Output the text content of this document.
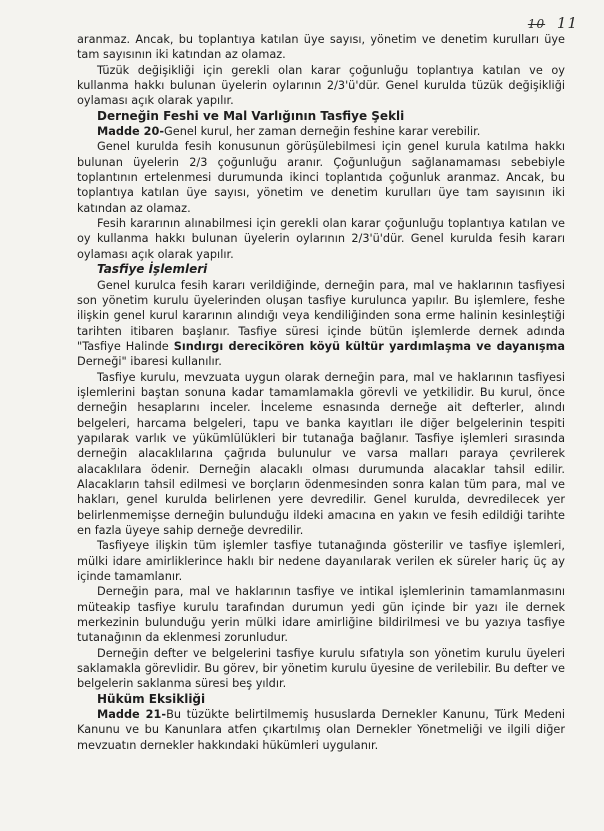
10 11

aranmaz. Ancak, bu toplantıya katılan üye sayısı, yönetim ve denetim kurulları üye tam sayısının iki katından az olamaz.

Tüzük değişikliği için gerekli olan karar çoğunluğu toplantıya katılan ve oy kullanma hakkı bulunan üyelerin oylarının 2/3'ü'dür. Genel kurulda tüzük değişikliği oylaması açık olarak yapılır.

Derneğin Feshi ve Mal Varlığının Tasfiye Şekli

Madde 20-Genel kurul, her zaman derneğin feshine karar verebilir.

Genel kurulda fesih konusunun görüşülebilmesi için genel kurula katılma hakkı bulunan üyelerin 2/3 çoğunluğu aranır. Çoğunluğun sağlanamaması sebebiyle toplantının ertelenmesi durumunda ikinci toplantıda çoğunluk aranmaz. Ancak, bu toplantıya katılan üye sayısı, yönetim ve denetim kurulları üye tam sayısının iki katından az olamaz.

Fesih kararının alınabilmesi için gerekli olan karar çoğunluğu toplantıya katılan ve oy kullanma hakkı bulunan üyelerin oylarının 2/3'ü'dür. Genel kurulda fesih kararı oylaması açık olarak yapılır.

Tasfiye İşlemleri

Genel kurulca fesih kararı verildiğinde, derneğin para, mal ve haklarının tasfiyesi son yönetim kurulu üyelerinden oluşan tasfiye kurulunca yapılır. Bu işlemlere, feshe ilişkin genel kurul kararının alındığı veya kendiliğinden sona erme halinin kesinleştiği tarihten itibaren başlanır. Tasfiye süresi içinde bütün işlemlerde dernek adında "Tasfiye Halinde Sındırgı derecikören köyü kültür yardımlaşma ve dayanışma Derneği" ibaresi kullanılır.

Tasfiye kurulu, mevzuata uygun olarak derneğin para, mal ve haklarının tasfiyesi işlemlerini baştan sonuna kadar tamamlamakla görevli ve yetkilidir. Bu kurul, önce derneğin hesaplarını inceler. İnceleme esnasında derneğe ait defterler, alındı belgeleri, harcama belgeleri, tapu ve banka kayıtları ile diğer belgelerinin tespiti yapılarak varlık ve yükümlülükleri bir tutanağa bağlanır. Tasfiye işlemleri sırasında derneğin alacaklılarına çağrıda bulunulur ve varsa malları paraya çevrilerek alacaklılara ödenir. Derneğin alacaklı olması durumunda alacaklar tahsil edilir. Alacakların tahsil edilmesi ve borçların ödenmesinden sonra kalan tüm para, mal ve hakları, genel kurulda belirlenen yere devredilir. Genel kurulda, devredilecek yer belirlenmemişse derneğin bulunduğu ildeki amacına en yakın ve fesih edildiği tarihte en fazla üyeye sahip derneğe devredilir.

Tasfiyeye ilişkin tüm işlemler tasfiye tutanağında gösterilir ve tasfiye işlemleri, mülki idare amirliklerince haklı bir nedene dayanılarak verilen ek süreler hariç üç ay içinde tamamlanır.

Derneğin para, mal ve haklarının tasfiye ve intikal işlemlerinin tamamlanmasını müteakip tasfiye kurulu tarafından durumun yedi gün içinde bir yazı ile dernek merkezinin bulunduğu yerin mülki idare amirliğine bildirilmesi ve bu yazıya tasfiye tutanağının da eklenmesi zorunludur.

Derneğin defter ve belgelerini tasfiye kurulu sıfatıyla son yönetim kurulu üyeleri saklamakla görevlidir. Bu görev, bir yönetim kurulu üyesine de verilebilir. Bu defter ve belgelerin saklanma süresi beş yıldır.

Hüküm Eksikliği

Madde 21-Bu tüzükte belirtilmemiş hususlarda Dernekler Kanunu, Türk Medeni Kanunu ve bu Kanunlara atfen çıkartılmış olan Dernekler Yönetmeliği ve ilgili diğer mevzuatın dernekler hakkındaki hükümleri uygulanır.
